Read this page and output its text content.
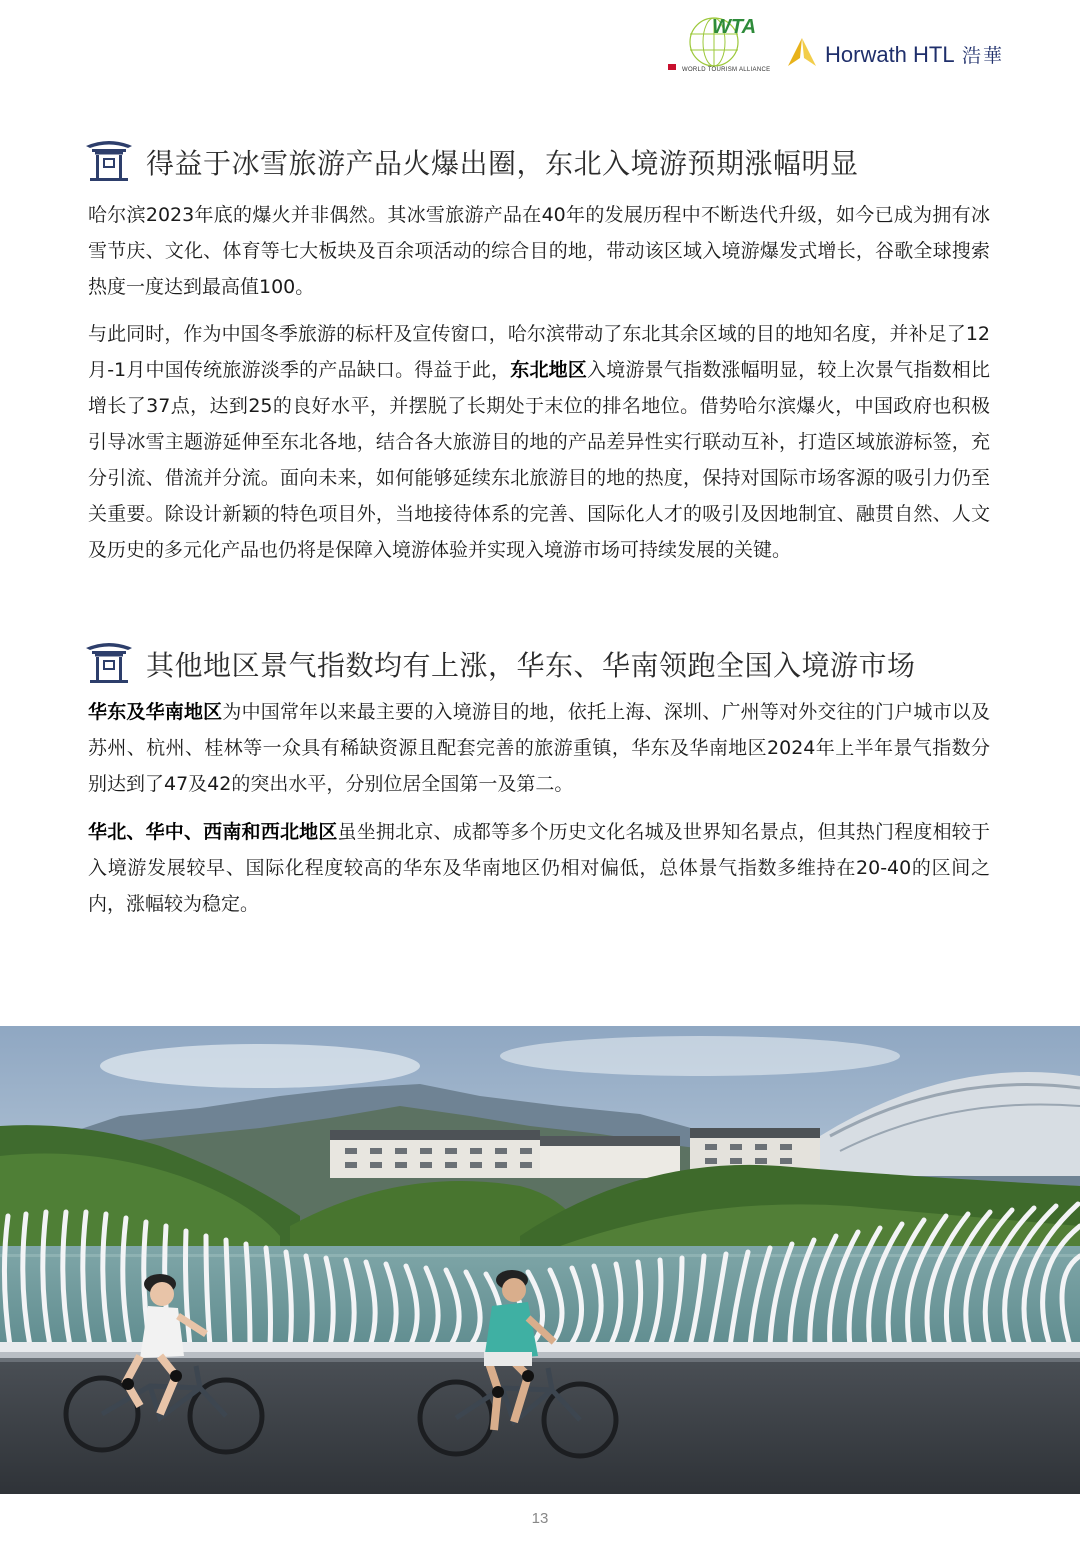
WTA
WORLD TOURISM ALLIANCE
Horwath HTL 浩華
得益于冰雪旅游产品火爆出圈，东北入境游预期涨幅明显

哈尔滨2023年底的爆火并非偶然。其冰雪旅游产品在40年的发展历程中不断迭代升级，如今已成为拥有冰雪节庆、文化、体育等七大板块及百余项活动的综合目的地，带动该区域入境游爆发式增长，谷歌全球搜索热度一度达到最高值100。

与此同时，作为中国冬季旅游的标杆及宣传窗口，哈尔滨带动了东北其余区域的目的地知名度，并补足了12月-1月中国传统旅游淡季的产品缺口。得益于此，东北地区入境游景气指数涨幅明显，较上次景气指数相比增长了37点，达到25的良好水平，并摆脱了长期处于末位的排名地位。借势哈尔滨爆火，中国政府也积极引导冰雪主题游延伸至东北各地，结合各大旅游目的地的产品差异性实行联动互补，打造区域旅游标签，充分引流、借流并分流。面向未来，如何能够延续东北旅游目的地的热度，保持对国际市场客源的吸引力仍至关重要。除设计新颖的特色项目外，当地接待体系的完善、国际化人才的吸引及因地制宜、融贯自然、人文及历史的多元化产品也仍将是保障入境游体验并实现入境游市场可持续发展的关键。

其他地区景气指数均有上涨，华东、华南领跑全国入境游市场

华东及华南地区为中国常年以来最主要的入境游目的地，依托上海、深圳、广州等对外交往的门户城市以及苏州、杭州、桂林等一众具有稀缺资源且配套完善的旅游重镇，华东及华南地区2024年上半年景气指数分别达到了47及42的突出水平，分别位居全国第一及第二。

华北、华中、西南和西北地区虽坐拥北京、成都等多个历史文化名城及世界知名景点，但其热门程度相较于入境游发展较早、国际化程度较高的华东及华南地区仍相对偏低，总体景气指数多维持在20-40的区间之内，涨幅较为稳定。

13
